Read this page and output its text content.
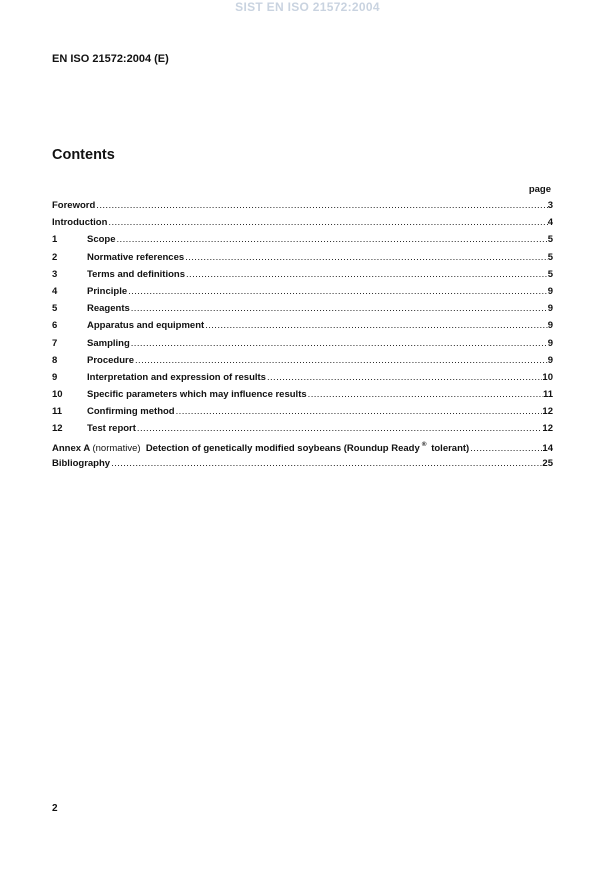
SIST EN ISO 21572:2004
EN ISO 21572:2004 (E)
Contents
page
Foreword .....	3
Introduction .....	4
1	Scope .....	5
2	Normative references .....	5
3	Terms and definitions .....	5
4	Principle .....	9
5	Reagents .....	9
6	Apparatus and equipment .....	9
7	Sampling .....	9
8	Procedure .....	9
9	Interpretation and expression of results .....	10
10	Specific parameters which may influence results .....	11
11	Confirming method .....	12
12	Test report .....	12
Annex A (normative) Detection of genetically modified soybeans (Roundup Ready ® tolerant) .....	14
Bibliography .....	25
2
